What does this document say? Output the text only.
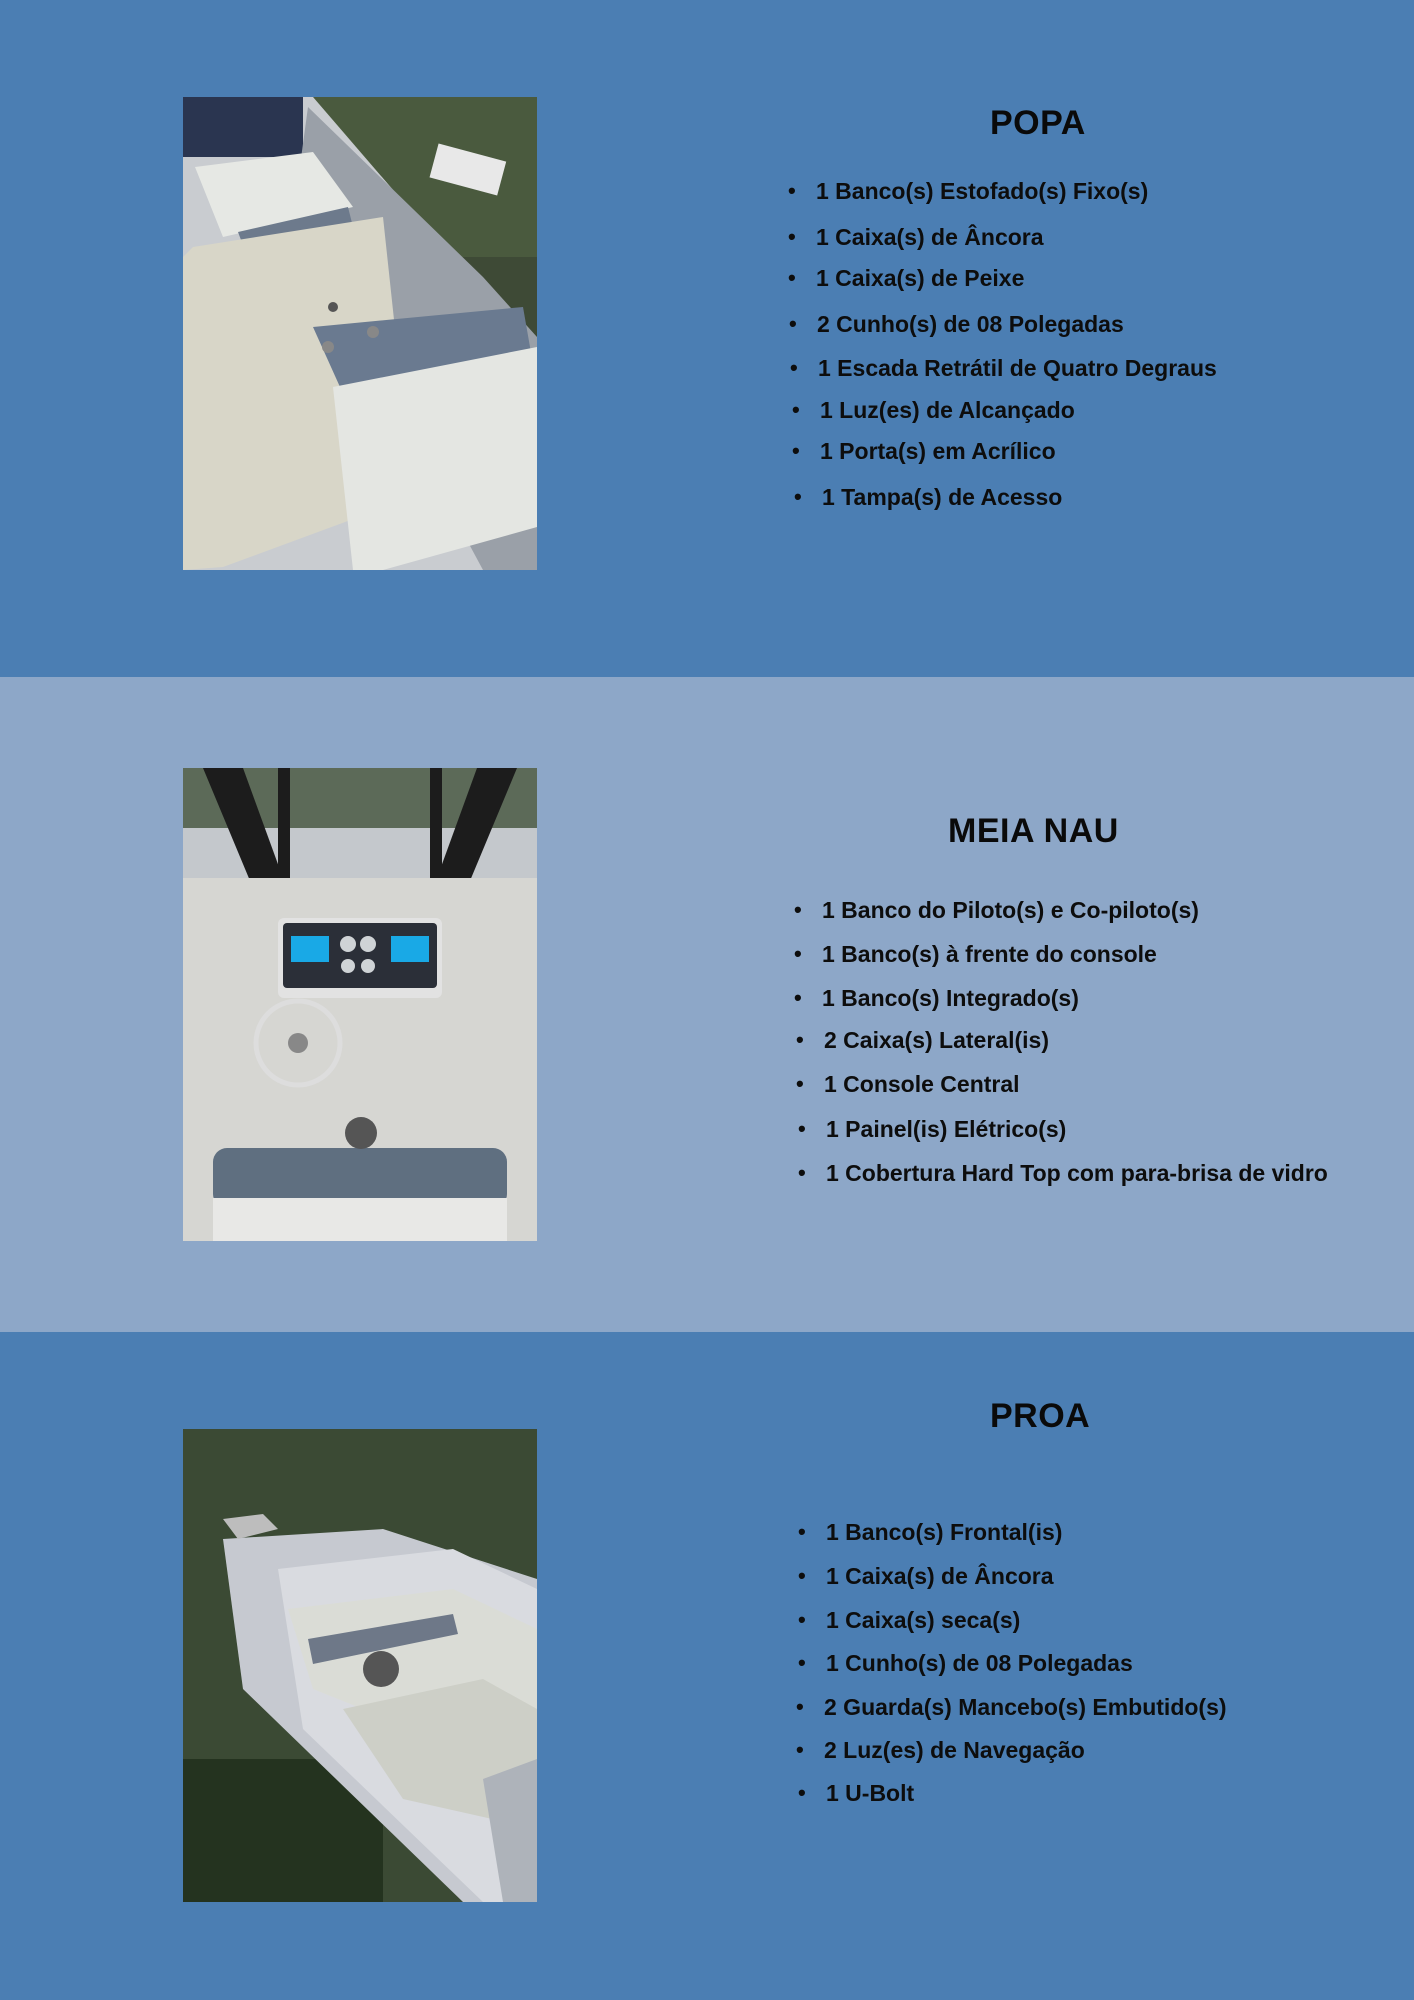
POPA
• 1 Banco(s) Estofado(s) Fixo(s)
• 1 Caixa(s) de Âncora
• 1 Caixa(s) de Peixe
• 2 Cunho(s) de 08 Polegadas
• 1 Escada Retrátil de Quatro Degraus
• 1 Luz(es) de Alcançado
• 1 Porta(s) em Acrílico
• 1 Tampa(s) de Acesso
MEIA NAU
• 1 Banco do Piloto(s) e Co-piloto(s)
• 1 Banco(s) à frente do console
• 1 Banco(s) Integrado(s)
• 2 Caixa(s) Lateral(is)
• 1 Console Central
• 1 Painel(is) Elétrico(s)
• 1 Cobertura Hard Top com para-brisa de vidro
PROA
• 1 Banco(s) Frontal(is)
• 1 Caixa(s) de Âncora
• 1 Caixa(s) seca(s)
• 1 Cunho(s) de 08 Polegadas
• 2 Guarda(s) Mancebo(s) Embutido(s)
• 2 Luz(es) de Navegação
• 1 U-Bolt
